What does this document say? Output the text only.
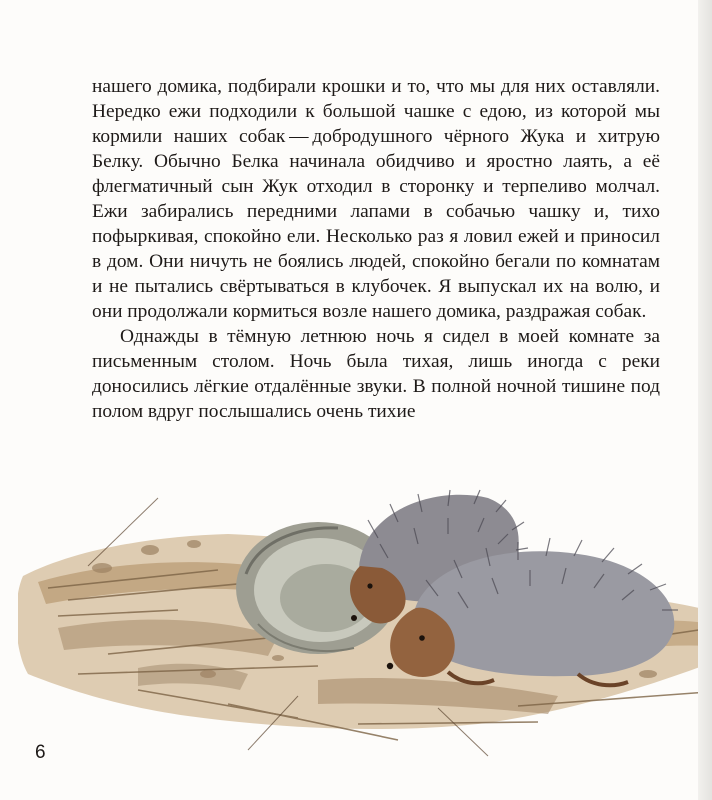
нашего домика, подбирали крошки и то, что мы для них оставляли. Нередко ежи подходили к большой чашке с едою, из которой мы кормили наших собак — добродушного чёрного Жука и хитрую Белку. Обычно Белка начинала обидчиво и яростно лаять, а её флегматичный сын Жук отходил в сторонку и терпеливо молчал. Ежи забирались передними лапами в собачью чашку и, тихо пофыркивая, спокойно ели. Несколько раз я ловил ежей и приносил в дом. Они ничуть не боялись людей, спокойно бегали по комнатам и не пытались свёртываться в клубочек. Я выпускал их на волю, и они продолжали кормиться возле нашего домика, раздражая собак.

Однажды в тёмную летнюю ночь я сидел в моей комнате за письменным столом. Ночь была тихая, лишь иногда с реки доносились лёгкие отдалённые звуки. В полной ночной тишине под полом вдруг послышались очень тихие

6
